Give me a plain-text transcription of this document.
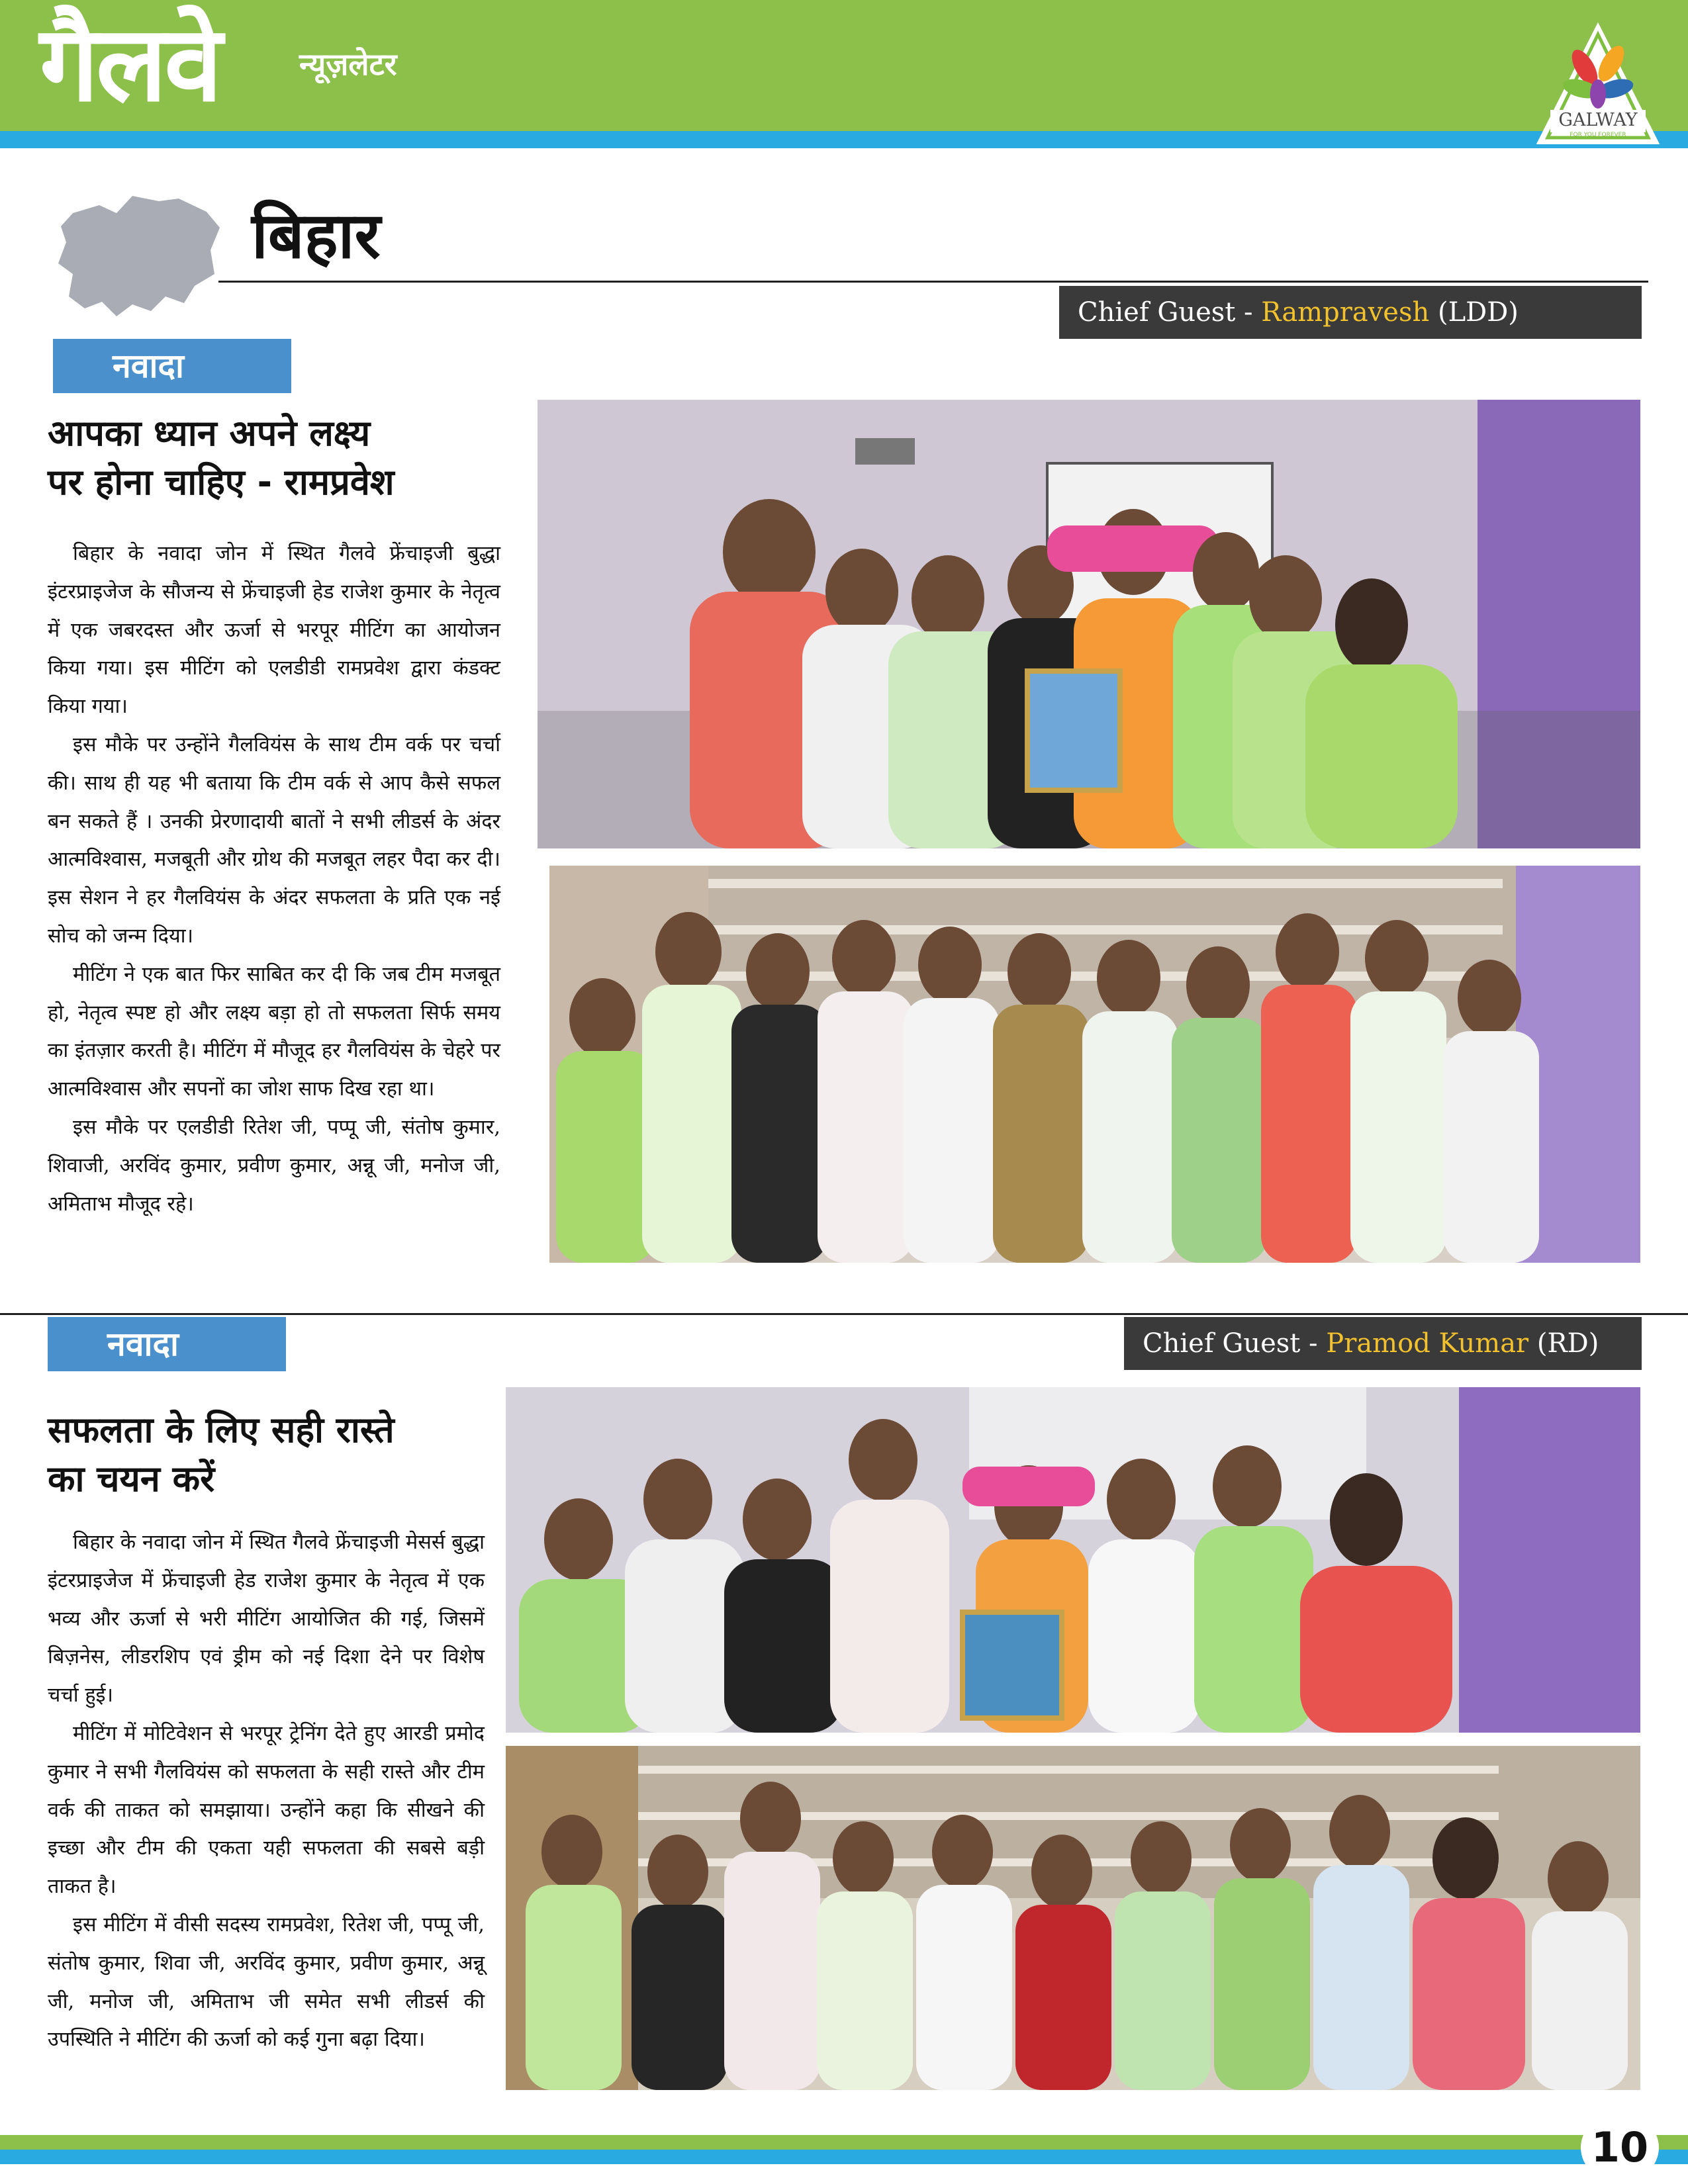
गैलवे	न्यूज़लेटर
GALWAY
FOR YOU FOREVER
बिहार
Chief Guest - Rampravesh (LDD)
नवादा
आपका ध्यान अपने लक्ष्य
पर होना चाहिए - रामप्रवेश

बिहार के नवादा जोन में स्थित गैलवे फ्रेंचाइजी बुद्धा इंटरप्राइजेज के सौजन्य से फ्रेंचाइजी हेड राजेश कुमार के नेतृत्व में एक जबरदस्त और ऊर्जा से भरपूर मीटिंग का आयोजन किया गया। इस मीटिंग को एलडीडी रामप्रवेश द्वारा कंडक्ट किया गया।

इस मौके पर उन्होंने गैलवियंस के साथ टीम वर्क पर चर्चा की। साथ ही यह भी बताया कि टीम वर्क से आप कैसे सफल बन सकते हैं । उनकी प्रेरणादायी बातों ने सभी लीडर्स के अंदर आत्मविश्वास, मजबूती और ग्रोथ की मजबूत लहर पैदा कर दी। इस सेशन ने हर गैलवियंस के अंदर सफलता के प्रति एक नई सोच को जन्म दिया।

मीटिंग ने एक बात फिर साबित कर दी कि जब टीम मजबूत हो, नेतृत्व स्पष्ट हो और लक्ष्य बड़ा हो तो सफलता सिर्फ समय का इंतज़ार करती है। मीटिंग में मौजूद हर गैलवियंस के चेहरे पर आत्मविश्वास और सपनों का जोश साफ दिख रहा था।

इस मौके पर एलडीडी रितेश जी, पप्पू जी, संतोष कुमार, शिवाजी, अरविंद कुमार, प्रवीण कुमार, अन्नू जी, मनोज जी, अमिताभ मौजूद रहे।

नवादा	Chief Guest - Pramod Kumar (RD)
सफलता के लिए सही रास्ते
का चयन करें

बिहार के नवादा जोन में स्थित गैलवे फ्रेंचाइजी मेसर्स बुद्धा इंटरप्राइजेज में फ्रेंचाइजी हेड राजेश कुमार के नेतृत्व में एक भव्य और ऊर्जा से भरी मीटिंग आयोजित की गई, जिसमें बिज़नेस, लीडरशिप एवं ड्रीम को नई दिशा देने पर विशेष चर्चा हुई।

मीटिंग में मोटिवेशन से भरपूर ट्रेनिंग देते हुए आरडी प्रमोद कुमार ने सभी गैलवियंस को सफलता के सही रास्ते और टीम वर्क की ताकत को समझाया। उन्होंने कहा कि सीखने की इच्छा और टीम की एकता यही सफलता की सबसे बड़ी ताकत है।

इस मीटिंग में वीसी सदस्य रामप्रवेश, रितेश जी, पप्पू जी, संतोष कुमार, शिवा जी, अरविंद कुमार, प्रवीण कुमार, अन्नू जी, मनोज जी, अमिताभ जी समेत सभी लीडर्स की उपस्थिति ने मीटिंग की ऊर्जा को कई गुना बढ़ा दिया।

10
